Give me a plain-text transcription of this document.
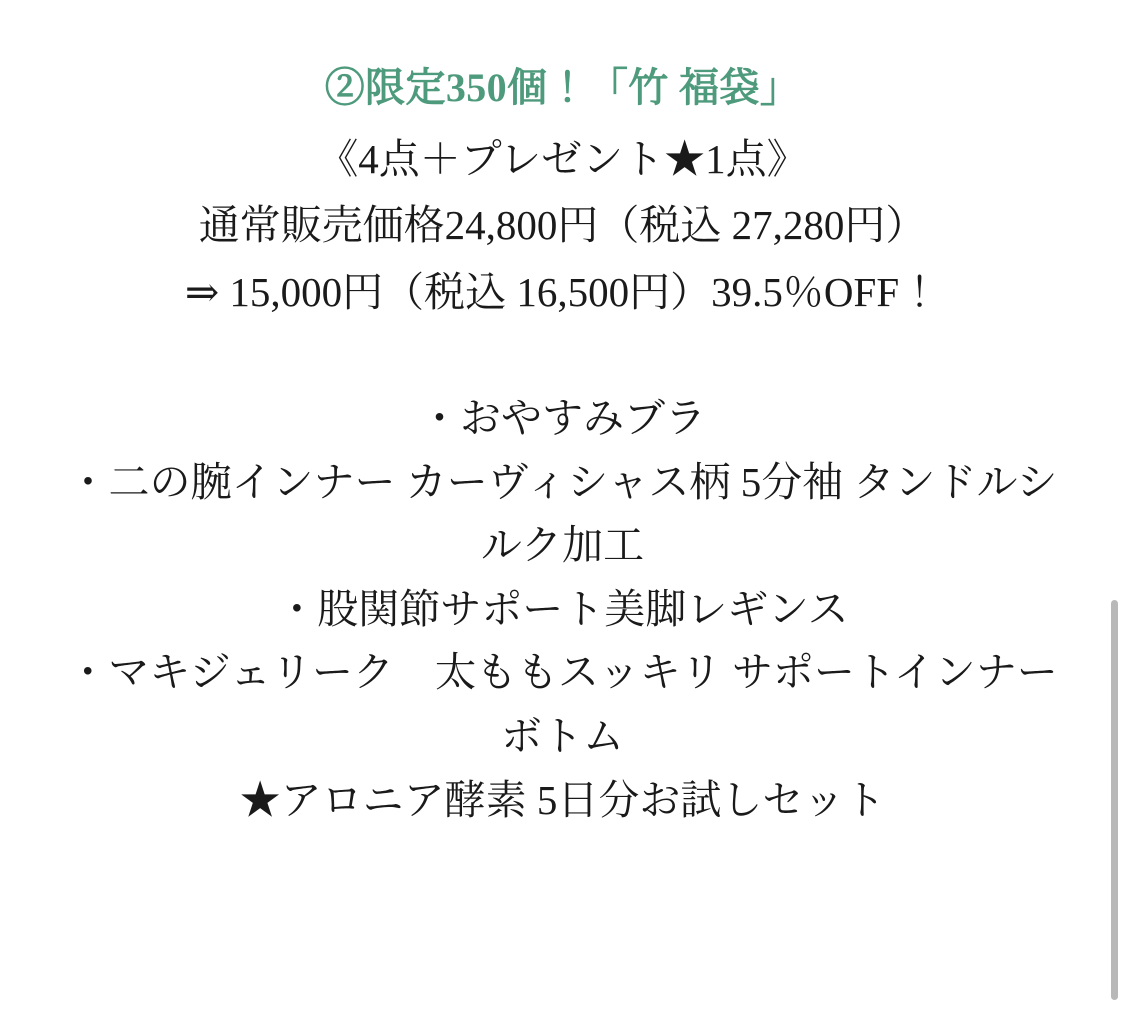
②限定350個！「竹 福袋」
《4点＋プレゼント★1点》
通常販売価格24,800円（税込 27,280円）
⇒ 15,000円（税込 16,500円）39.5％OFF！
・おやすみブラ
・二の腕インナー カーヴィシャス柄 5分袖 タンドルシルク加工
・股関節サポート美脚レギンス
・マキジェリーク　太ももスッキリ サポートインナーボトム
★アロニア酵素 5日分お試しセット
